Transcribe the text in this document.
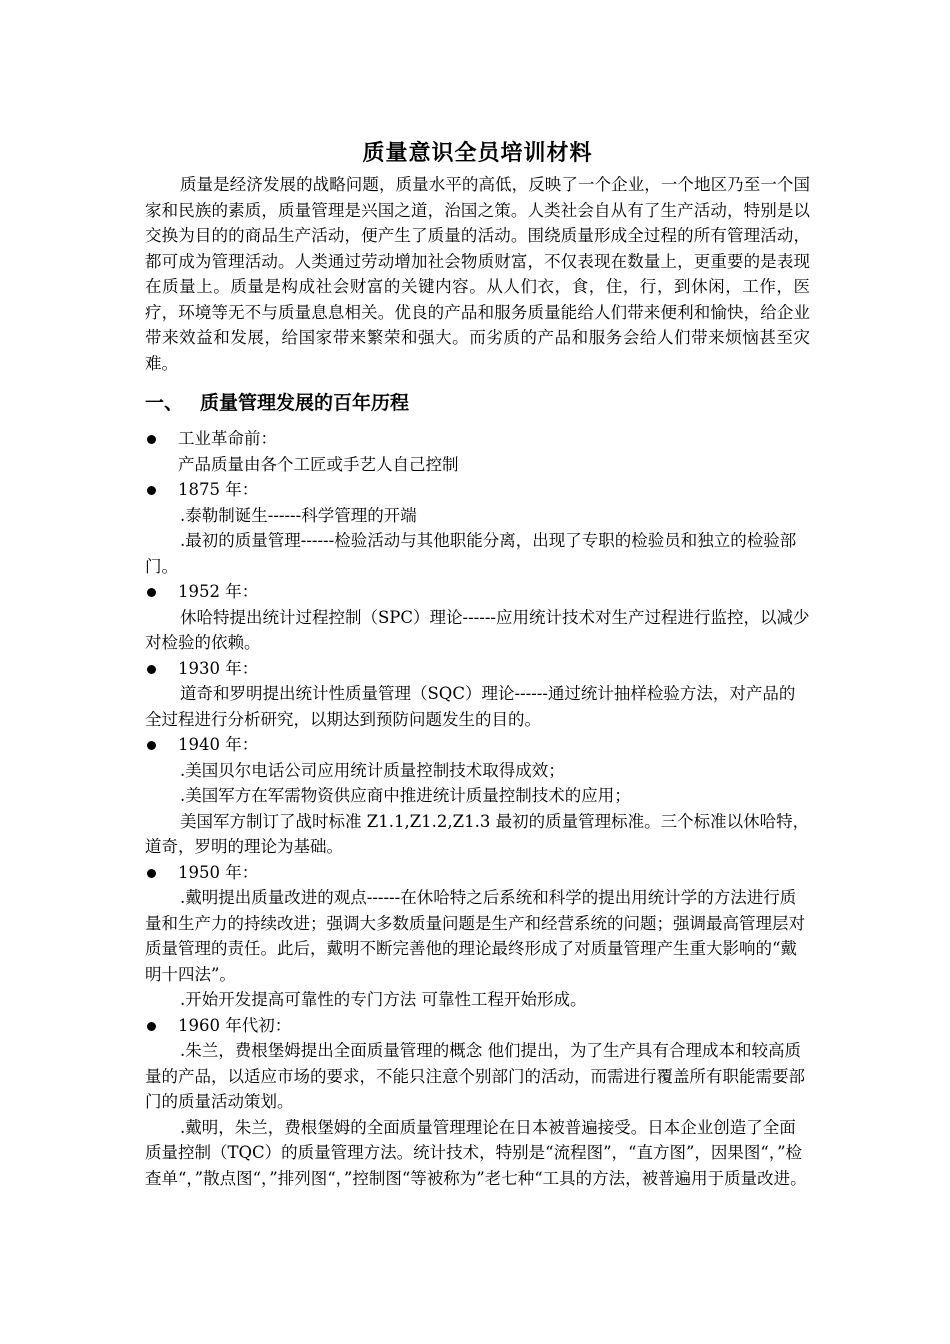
质量意识全员培训材料

质量是经济发展的战略问题，质量水平的高低，反映了一个企业，一个地区乃至一个国家和民族的素质，质量管理是兴国之道，治国之策。人类社会自从有了生产活动，特别是以交换为目的的商品生产活动，便产生了质量的活动。围绕质量形成全过程的所有管理活动，都可成为管理活动。人类通过劳动增加社会物质财富，不仅表现在数量上，更重要的是表现在质量上。质量是构成社会财富的关键内容。从人们衣，食，住，行，到休闲，工作，医疗，环境等无不与质量息息相关。优良的产品和服务质量能给人们带来便利和愉快，给企业带来效益和发展，给国家带来繁荣和强大。而劣质的产品和服务会给人们带来烦恼甚至灾难。

一、 质量管理发展的百年历程
工业革命前：

产品质量由各个工匠或手艺人自己控制

1875 年：

.泰勒制诞生------科学管理的开端

.最初的质量管理------检验活动与其他职能分离，出现了专职的检验员和独立的检验部门。

1952 年：

休哈特提出统计过程控制（SPC）理论------应用统计技术对生产过程进行监控，以减少对检验的依赖。

1930 年：

道奇和罗明提出统计性质量管理（SQC）理论------通过统计抽样检验方法，对产品的全过程进行分析研究，以期达到预防问题发生的目的。

1940 年：

.美国贝尔电话公司应用统计质量控制技术取得成效；

.美国军方在军需物资供应商中推进统计质量控制技术的应用；

美国军方制订了战时标准 Z1.1,Z1.2,Z1.3 最初的质量管理标准。三个标准以休哈特，道奇，罗明的理论为基础。

1950 年：

.戴明提出质量改进的观点------在休哈特之后系统和科学的提出用统计学的方法进行质量和生产力的持续改进；强调大多数质量问题是生产和经营系统的问题；强调最高管理层对质量管理的责任。此后，戴明不断完善他的理论最终形成了对质量管理产生重大影响的“戴明十四法”。

.开始开发提高可靠性的专门方法 可靠性工程开始形成。

1960 年代初：

.朱兰，费根堡姆提出全面质量管理的概念 他们提出，为了生产具有合理成本和较高质量的产品，以适应市场的要求，不能只注意个别部门的活动，而需进行覆盖所有职能需要部门的质量活动策划。

.戴明，朱兰，费根堡姆的全面质量管理理论在日本被普遍接受。日本企业创造了全面质量控制（TQC）的质量管理方法。统计技术，特别是“流程图”，“直方图”，因果图“，”检查单“，”散点图“，”排列图“，”控制图“等被称为”老七种“工具的方法，被普遍用于质量改进。
